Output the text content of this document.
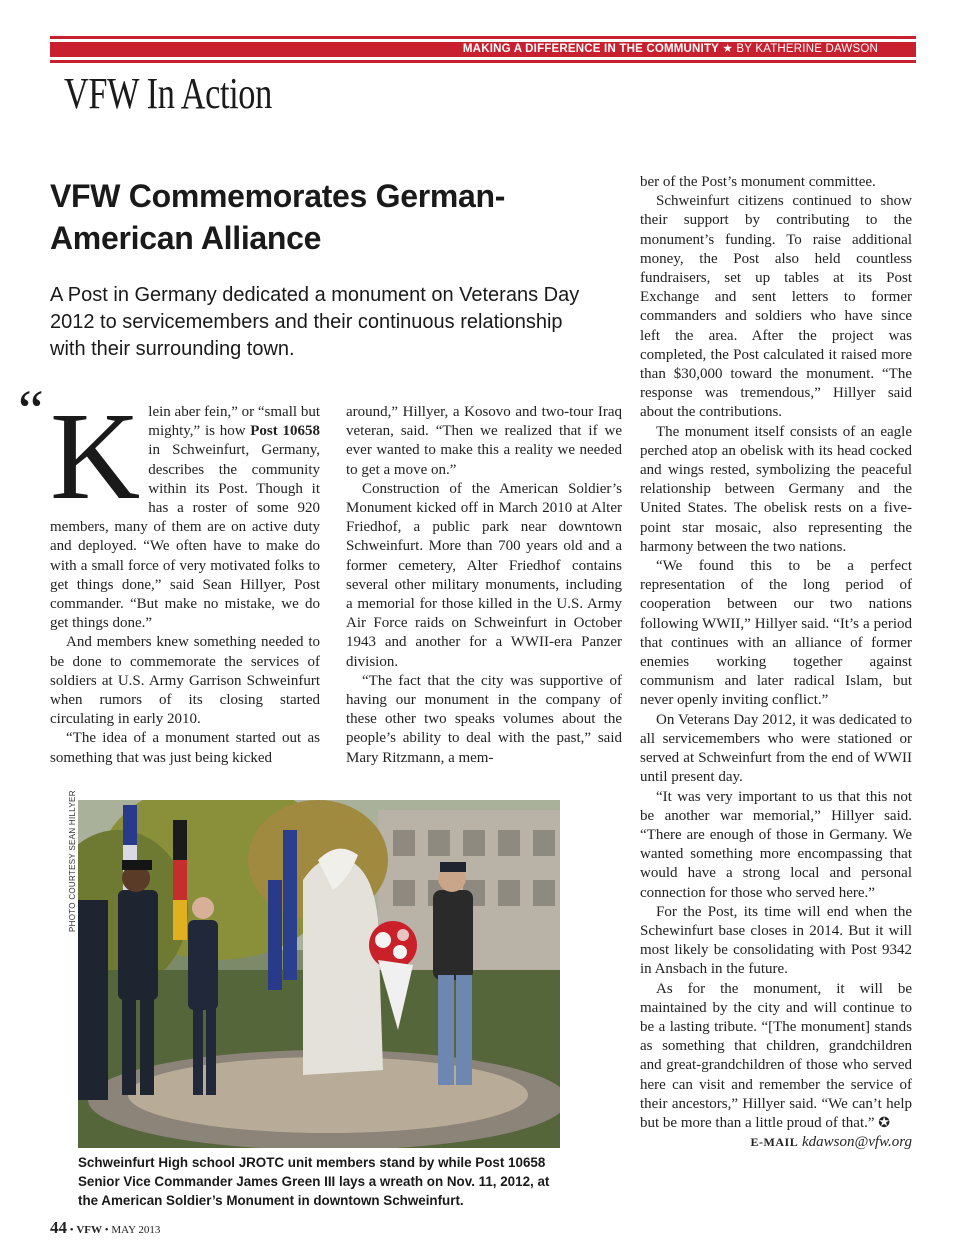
MAKING A DIFFERENCE IN THE COMMUNITY ★ BY KATHERINE DAWSON
VFW In Action
VFW Commemorates German-American Alliance
A Post in Germany dedicated a monument on Veterans Day 2012 to servicemembers and their continuous relationship with their surrounding town.
“ Klein aber fein,” or “small but mighty,” is how Post 10658 in Schweinfurt, Germany, describes the community within its Post. Though it has a roster of some 920 members, many of them are on active duty and deployed. “We often have to make do with a small force of very motivated folks to get things done,” said Sean Hillyer, Post commander. “But make no mistake, we do get things done.”

And members knew something needed to be done to commemorate the services of soldiers at U.S. Army Garrison Schweinfurt when rumors of its closing started circulating in early 2010.

“The idea of a monument started out as something that was just being kicked

around,” Hillyer, a Kosovo and two-tour Iraq veteran, said. “Then we realized that if we ever wanted to make this a reality we needed to get a move on.”

Construction of the American Soldier’s Monument kicked off in March 2010 at Alter Friedhof, a public park near downtown Schweinfurt. More than 700 years old and a former cemetery, Alter Friedhof contains several other military monuments, including a memorial for those killed in the U.S. Army Air Force raids on Schweinfurt in October 1943 and another for a WWII-era Panzer division.

“The fact that the city was supportive of having our monument in the company of these other two speaks volumes about the people’s ability to deal with the past,” said Mary Ritzmann, a mem-

ber of the Post’s monument committee.

Schweinfurt citizens continued to show their support by contributing to the monument’s funding. To raise additional money, the Post also held countless fundraisers, set up tables at its Post Exchange and sent letters to former commanders and soldiers who have since left the area. After the project was completed, the Post calculated it raised more than $30,000 toward the monument. “The response was tremendous,” Hillyer said about the contributions.

The monument itself consists of an eagle perched atop an obelisk with its head cocked and wings rested, symbolizing the peaceful relationship between Germany and the United States. The obelisk rests on a five-point star mosaic, also representing the harmony between the two nations.

“We found this to be a perfect representation of the long period of cooperation between our two nations following WWII,” Hillyer said. “It’s a period that continues with an alliance of former enemies working together against communism and later radical Islam, but never openly inviting conflict.”

On Veterans Day 2012, it was dedicated to all servicemembers who were stationed or served at Schweinfurt from the end of WWII until present day.

“It was very important to us that this not be another war memorial,” Hillyer said. “There are enough of those in Germany. We wanted something more encompassing that would have a strong local and personal connection for those who served here.”

For the Post, its time will end when the Schewinfurt base closes in 2014. But it will most likely be consolidating with Post 9342 in Ansbach in the future.

As for the monument, it will be maintained by the city and will continue to be a lasting tribute. “[The monument] stands as something that children, grandchildren and great-grandchildren of those who served here can visit and remember the service of their ancestors,” Hillyer said. “We can’t help but be more than a little proud of that.” ✪

E-MAIL kdawson@vfw.org

PHOTO COURTESY SEAN HILLYER
Schweinfurt High school JROTC unit members stand by while Post 10658 Senior Vice Commander James Green III lays a wreath on Nov. 11, 2012, at the American Soldier’s Monument in downtown Schweinfurt.
44 • VFW • MAY 2013
